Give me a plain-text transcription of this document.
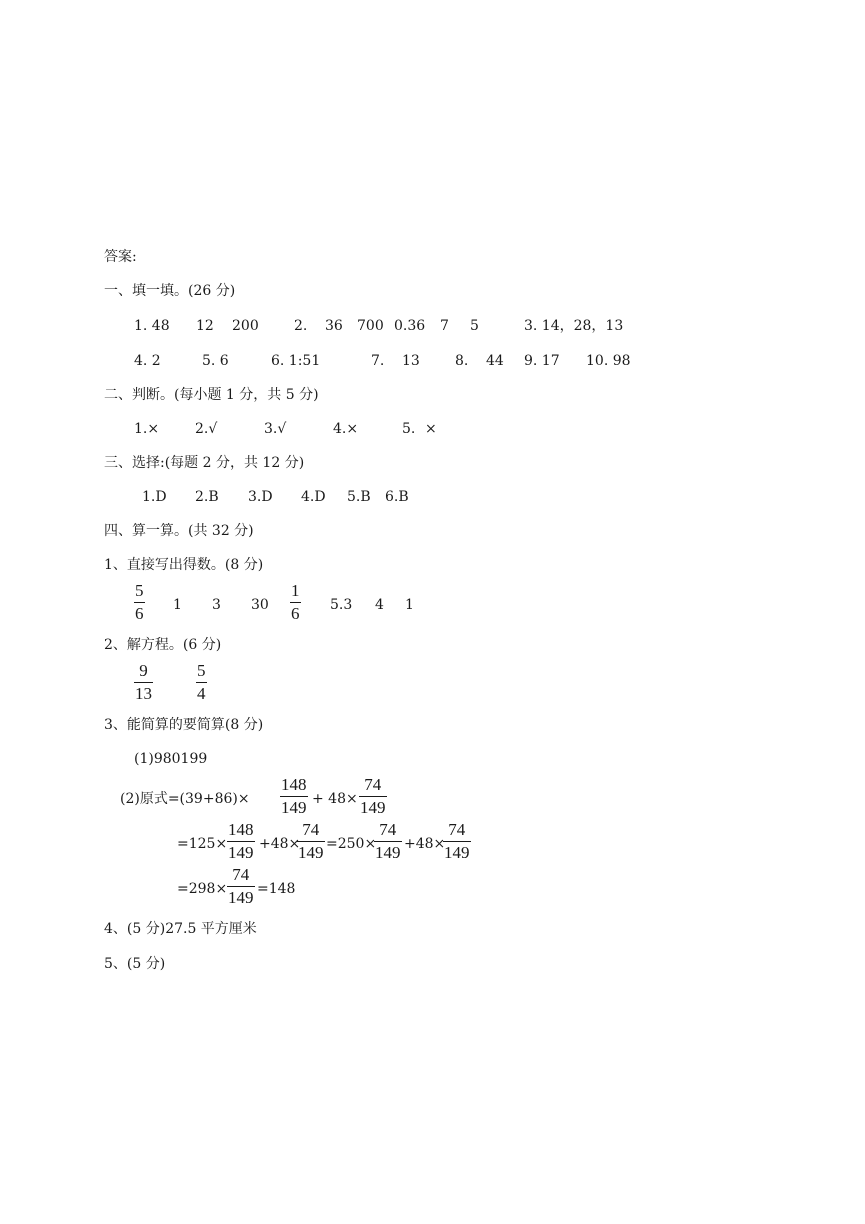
答案:
一、填一填。(26 分)
1. 48 12 200	2. 36 700 0.36 7 5	3. 14，28，13
4. 2	5. 6	6. 1:51	7. 13	8. 44 9. 17 10. 98
二、判断。(每小题 1 分，共 5 分)
1.×	2.√	3.√	4.×	5. ×
三、选择:(每题 2 分，共 12 分)
1.D 2.B 3.D 4.D 5.B 6.B
四、算一算。(共 32 分)
1、直接写出得数。(8 分)
5
6 1 3 30
1
6 5.3 4 1
2、解方程。(6 分)
9
13
5
4
3、能简算的要简算(8 分)
(1)980199
(2)原式=(39+86)×
148
149 + 48×
74
149
=125×
148
149 +48×
74
149 =250×
74
149 +48×
74
149
=298×
74
149 =148
4、(5 分)27.5 平方厘米
5、(5 分)
